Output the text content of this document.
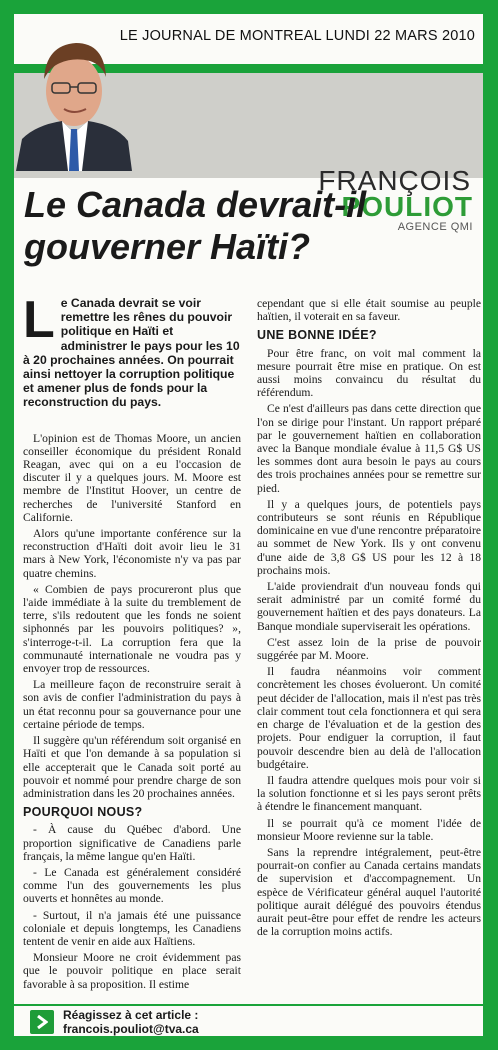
LE JOURNAL DE MONTREAL LUNDI 22 MARS 2010
FRANÇOIS
POULIOT
AGENCE QMI
Le Canada devrait-il gouverner Haïti?
Le Canada devrait se voir remettre les rênes du pouvoir politique en Haïti et administrer le pays pour les 10 à 20 prochaines années. On pourrait ainsi nettoyer la corruption politique et amener plus de fonds pour la reconstruction du pays.

L'opinion est de Thomas Moore, un ancien conseiller économique du président Ronald Reagan, avec qui on a eu l'occasion de discuter il y a quelques jours. M. Moore est membre de l'Institut Hoover, un centre de recherches de l'université Stanford en Californie.

Alors qu'une importante conférence sur la reconstruction d'Haïti doit avoir lieu le 31 mars à New York, l'économiste n'y va pas par quatre chemins.

« Combien de pays procureront plus que l'aide immédiate à la suite du tremblement de terre, s'ils redoutent que les fonds ne soient siphonnés par les pouvoirs politiques? », s'interroge-t-il. La corruption fera que la communauté internationale ne voudra pas y envoyer trop de ressources.

La meilleure façon de reconstruire serait à son avis de confier l'administration du pays à un état reconnu pour sa gouvernance pour une certaine période de temps.

Il suggère qu'un référendum soit organisé en Haïti et que l'on demande à sa population si elle accepterait que le Canada soit porté au pouvoir et nommé pour prendre charge de son administration dans les 20 prochaines années.

POURQUOI NOUS?

- À cause du Québec d'abord. Une proportion significative de Canadiens parle français, la même langue qu'en Haïti.

- Le Canada est généralement considéré comme l'un des gouvernements les plus ouverts et honnêtes au monde.

- Surtout, il n'a jamais été une puissance coloniale et depuis longtemps, les Canadiens tentent de venir en aide aux Haïtiens.

Monsieur Moore ne croit évidemment pas que le pouvoir politique en place serait favorable à sa proposition. Il estime

cependant que si elle était soumise au peuple haïtien, il voterait en sa faveur.

UNE BONNE IDÉE?

Pour être franc, on voit mal comment la mesure pourrait être mise en pratique. On est aussi moins convaincu du résultat du référendum.

Ce n'est d'ailleurs pas dans cette direction que l'on se dirige pour l'instant. Un rapport préparé par le gouvernement haïtien en collaboration avec la Banque mondiale évalue à 11,5 G$ US les sommes dont aura besoin le pays au cours des trois prochaines années pour se remettre sur pied.

Il y a quelques jours, de potentiels pays contributeurs se sont réunis en République dominicaine en vue d'une rencontre préparatoire au sommet de New York. Ils y ont convenu d'une aide de 3,8 G$ US pour les 12 à 18 prochains mois.

L'aide proviendrait d'un nouveau fonds qui serait administré par un comité formé du gouvernement haïtien et des pays donateurs. La Banque mondiale superviserait les opérations.

C'est assez loin de la prise de pouvoir suggérée par M. Moore.

Il faudra néanmoins voir comment concrètement les choses évolueront. Un comité peut décider de l'allocation, mais il n'est pas très clair comment tout cela fonctionnera et qui sera en charge de l'évaluation et de la gestion des projets. Pour endiguer la corruption, il faut pouvoir descendre bien au delà de l'allocation budgétaire.

Il faudra attendre quelques mois pour voir si la solution fonctionne et si les pays seront prêts à étendre le financement manquant.

Il se pourrait qu'à ce moment l'idée de monsieur Moore revienne sur la table.

Sans la reprendre intégralement, peut-être pourrait-on confier au Canada certains mandats de supervision et d'accompagnement. Un espèce de Vérificateur général auquel l'autorité politique aurait délégué des pouvoirs étendus aurait peut-être pour effet de rendre les acteurs de la corruption moins actifs.

Réagissez à cet article :
francois.pouliot@tva.ca
